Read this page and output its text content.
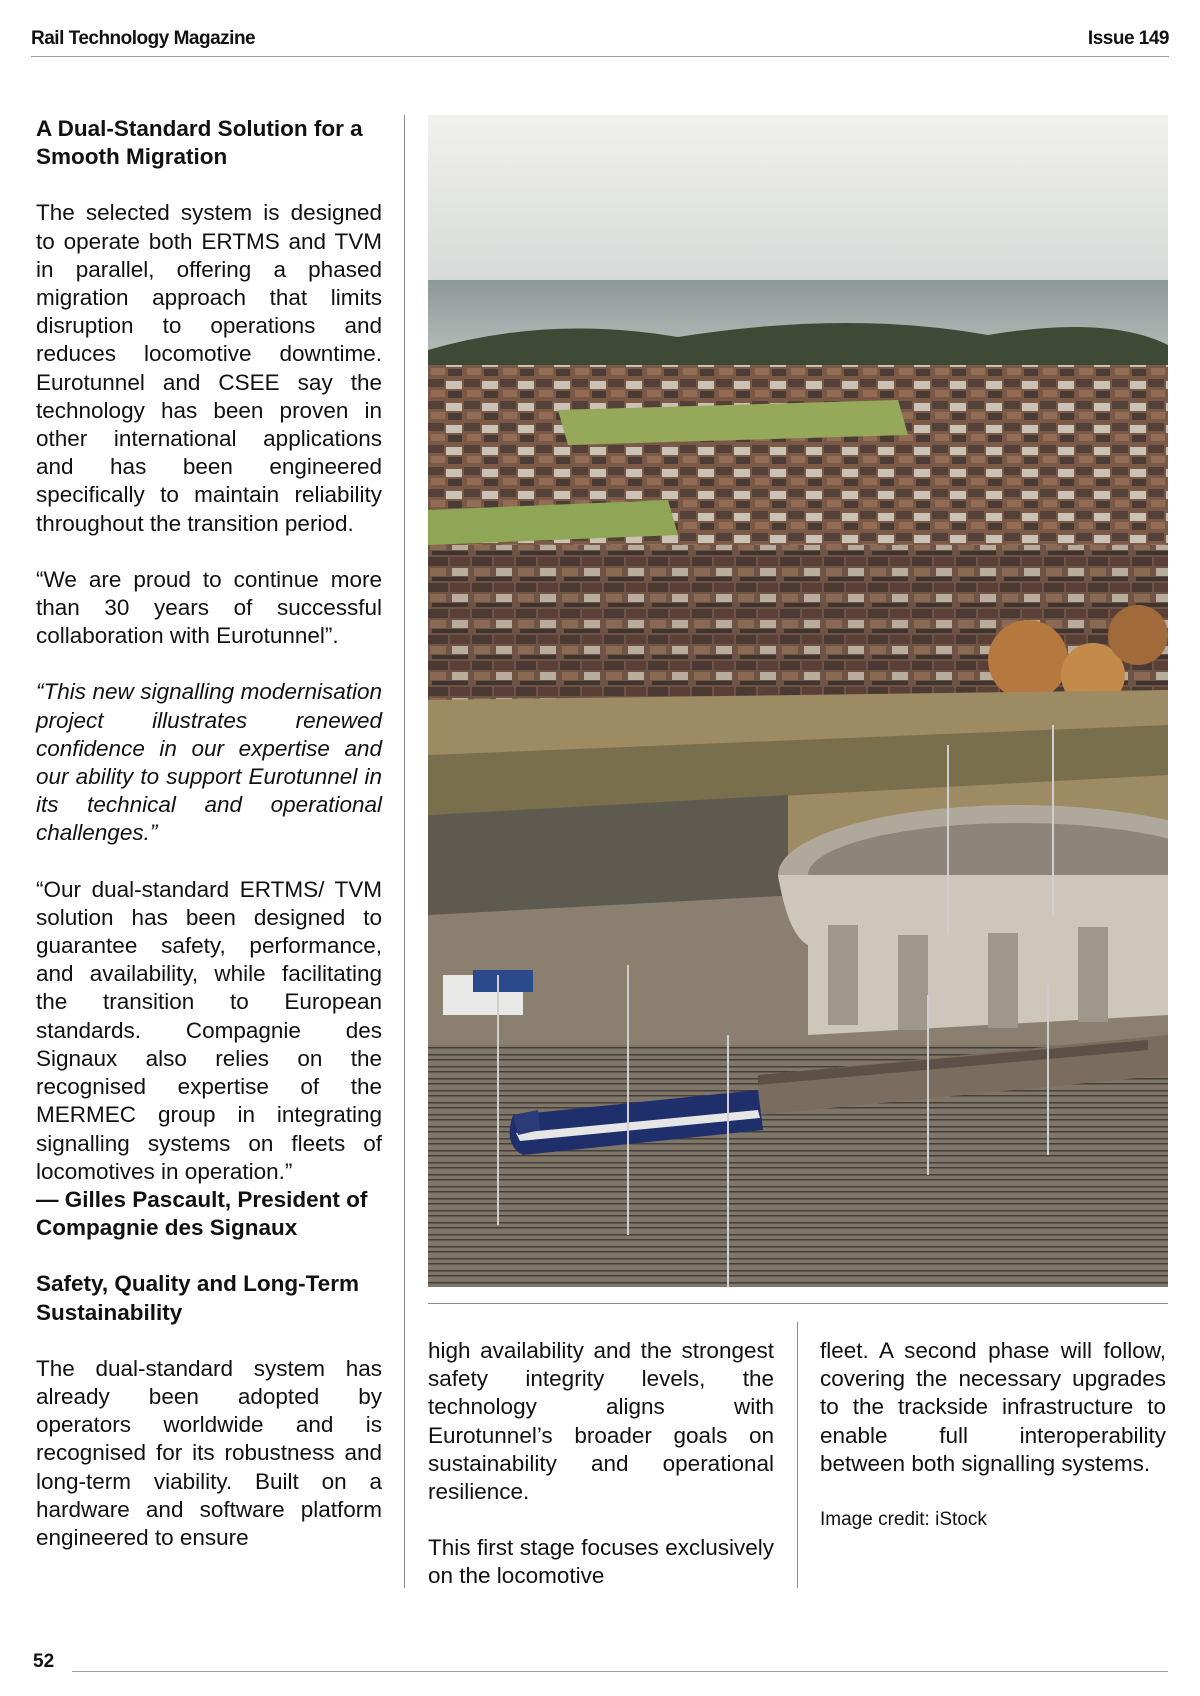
Rail Technology Magazine	Issue 149
A Dual-Standard Solution for a Smooth Migration

The selected system is designed to operate both ERTMS and TVM in parallel, offering a phased migration approach that limits disruption to operations and reduces locomotive downtime. Eurotunnel and CSEE say the technology has been proven in other international applications and has been engineered specifically to maintain reliability throughout the transition period.

“We are proud to continue more than 30 years of successful collaboration with Eurotunnel”.

“This new signalling modernisation project illustrates renewed confidence in our expertise and our ability to support Eurotunnel in its technical and operational challenges.”

“Our dual-standard ERTMS/ TVM solution has been designed to guarantee safety, performance, and availability, while facilitating the transition to European standards. Compagnie des Signaux also relies on the recognised expertise of the MERMEC group in integrating signalling systems on fleets of locomotives in operation.”
— Gilles Pascault, President of Compagnie des Signaux

Safety, Quality and Long-Term Sustainability

The dual-standard system has already been adopted by operators worldwide and is recognised for its robustness and long-term viability. Built on a hardware and software platform engineered to ensure

high availability and the strongest safety integrity levels, the technology aligns with Eurotunnel’s broader goals on sustainability and operational resilience.

This first stage focuses exclusively on the locomotive

fleet. A second phase will follow, covering the necessary upgrades to the trackside infrastructure to enable full interoperability between both signalling systems.

Image credit: iStock

52
